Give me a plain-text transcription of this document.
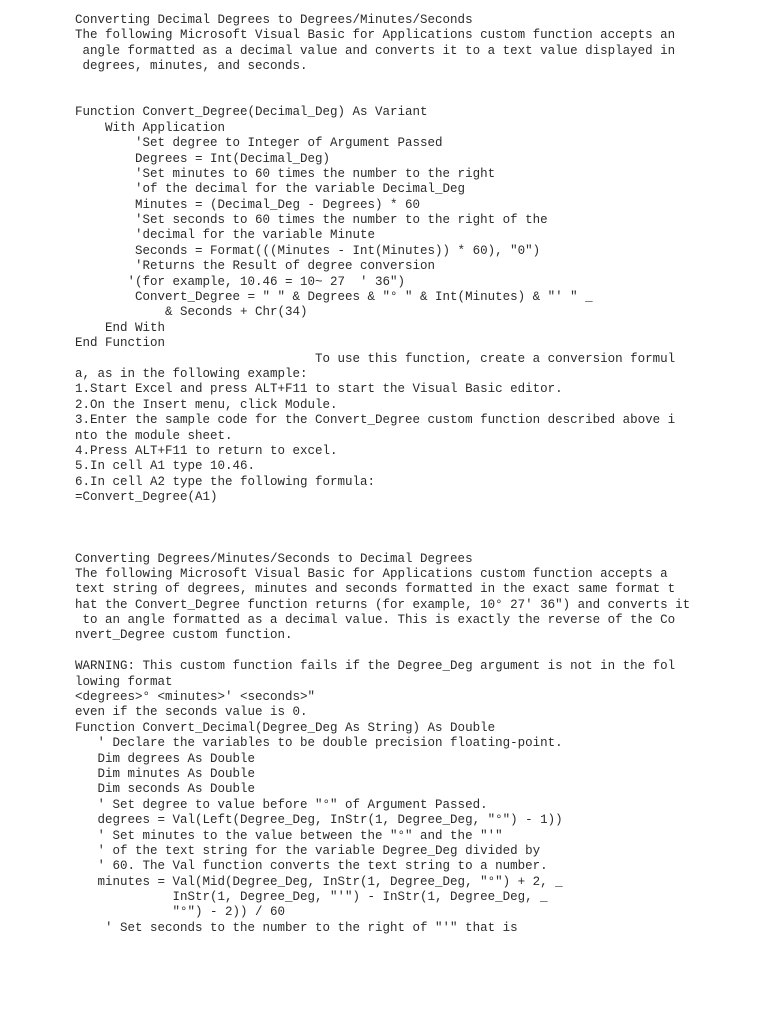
Converting Decimal Degrees to Degrees/Minutes/Seconds
The following Microsoft Visual Basic for Applications custom function accepts an
angle formatted as a decimal value and converts it to a text value displayed in
degrees, minutes, and seconds.
Function Convert_Degree(Decimal_Deg) As Variant
With Application
'Set degree to Integer of Argument Passed
Degrees = Int(Decimal_Deg)
'Set minutes to 60 times the number to the right
'of the decimal for the variable Decimal_Deg
Minutes = (Decimal_Deg - Degrees) * 60
'Set seconds to 60 times the number to the right of the
'decimal for the variable Minute
Seconds = Format(((Minutes - Int(Minutes)) * 60), "0")
'Returns the Result of degree conversion
'(for example, 10.46 = 10~ 27  ' 36")
Convert_Degree = " " & Degrees & "° " & Int(Minutes) & "' " _
& Seconds + Chr(34)
End With
End Function
To use this function, create a conversion formul
a, as in the following example:
1.Start Excel and press ALT+F11 to start the Visual Basic editor.
2.On the Insert menu, click Module.
3.Enter the sample code for the Convert_Degree custom function described above i
nto the module sheet.
4.Press ALT+F11 to return to excel.
5.In cell A1 type 10.46.
6.In cell A2 type the following formula:
=Convert_Degree(A1)
Converting Degrees/Minutes/Seconds to Decimal Degrees
The following Microsoft Visual Basic for Applications custom function accepts a
text string of degrees, minutes and seconds formatted in the exact same format t
hat the Convert_Degree function returns (for example, 10° 27' 36") and converts it
to an angle formatted as a decimal value. This is exactly the reverse of the Co
nvert_Degree custom function.
WARNING: This custom function fails if the Degree_Deg argument is not in the fol
lowing format
<degrees>° <minutes>' <seconds>"
even if the seconds value is 0.
Function Convert_Decimal(Degree_Deg As String) As Double
' Declare the variables to be double precision floating-point.
Dim degrees As Double
Dim minutes As Double
Dim seconds As Double
' Set degree to value before "°" of Argument Passed.
degrees = Val(Left(Degree_Deg, InStr(1, Degree_Deg, "°") - 1))
' Set minutes to the value between the "°" and the "'"
' of the text string for the variable Degree_Deg divided by
' 60. The Val function converts the text string to a number.
minutes = Val(Mid(Degree_Deg, InStr(1, Degree_Deg, "°") + 2, _
InStr(1, Degree_Deg, "'") - InStr(1, Degree_Deg, _
"°") - 2)) / 60
' Set seconds to the number to the right of "'" that is
